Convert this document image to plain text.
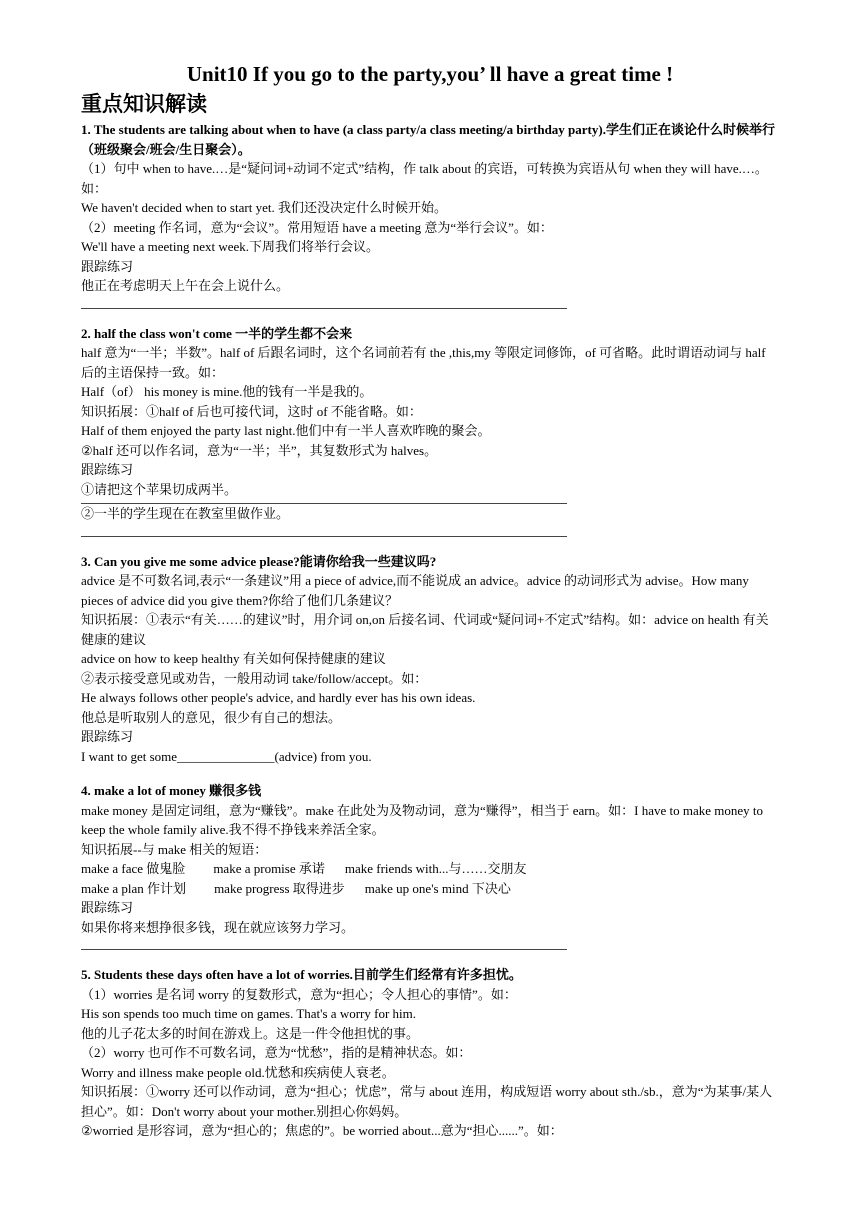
Unit10 If you go to the party,you’ ll have a great time !
重点知识解读
1. The students are talking about when to have (a class party/a class meeting/a birthday party).学生们正在谈论什么时候举行（班级聚会/班会/生日聚会）。
（1）句中 when to have.…是“疑问词+动词不定式”结构，作 talk about 的宾语，可转换为宾语从句 when they will have.…。如：
We haven't decided when to start yet. 我们还没决定什么时候开始。
（2）meeting 作名词，意为“会议”。常用短语 have a meeting 意为“举行会议”。如：
We'll have a meeting next week.下周我们将举行会议。
跟踪练习
他正在考虑明天上午在会上说什么。
2. half the class won't come 一半的学生都不会来
half 意为“一半；半数”。half of 后跟名词时，这个名词前若有 the ,this,my 等限定词修饰，of 可省略。此时谓语动词与 half 后的主语保持一致。如：
Half（of） his money is mine.他的钱有一半是我的。
知识拓展：①half of 后也可接代词，这时 of 不能省略。如：
Half of them enjoyed the party last night.他们中有一半人喜欢昨晚的聚会。
②half 还可以作名词，意为“一半；半”，其复数形式为 halves。
跟踪练习
①请把这个苹果切成两半。
②一半的学生现在在教室里做作业。
3. Can you give me some advice please?能请你给我一些建议吗?
advice 是不可数名词,表示“一条建议”用 a piece of advice,而不能说成 an advice。advice 的动词形式为 advise。How many pieces of advice did you give them?你给了他们几条建议？
知识拓展：①表示“有关……的建议”时，用介词 on,on 后接名词、代词或“疑问词+不定式”结构。如：advice on health 有关健康的建议
advice on how to keep healthy 有关如何保持健康的建议
②表示接受意见或劝告，一般用动词 take/follow/accept。如：
He always follows other people's advice, and hardly ever has his own ideas.
他总是听取别人的意见，很少有自己的想法。
跟踪练习
I want to get some_______________(advice) from you.
4. make a lot of money 赚很多钱
make money 是固定词组，意为“赚钱”。make 在此处为及物动词，意为“赚得”，相当于 earn。如：I have to make money to keep the whole family alive.我不得不挣钱来养活全家。
知识拓展--与 make 相关的短语：
make a face 做鬼脸 make a promise 承诺 make friends with...与……交朋友
make a plan 作计划 make progress 取得进步 make up one's mind 下决心
跟踪练习
如果你将来想挣很多钱，现在就应该努力学习。
5. Students these days often have a lot of worries.目前学生们经常有许多担忧。
（1）worries 是名词 worry 的复数形式，意为“担心；令人担心的事情”。如：
His son spends too much time on games. That's a worry for him.
他的儿子花太多的时间在游戏上。这是一件令他担忧的事。
（2）worry 也可作不可数名词，意为“忧愁”，指的是精神状态。如：
Worry and illness make people old.忧愁和疾病使人衰老。
知识拓展：①worry 还可以作动词，意为“担心；忧虑”，常与 about 连用，构成短语 worry about sth./sb.，意为“为某事/某人担心”。如：Don't worry about your mother.别担心你妈妈。
②worried 是形容词，意为“担心的；焦虑的”。be worried about...意为“担心......”。如：
